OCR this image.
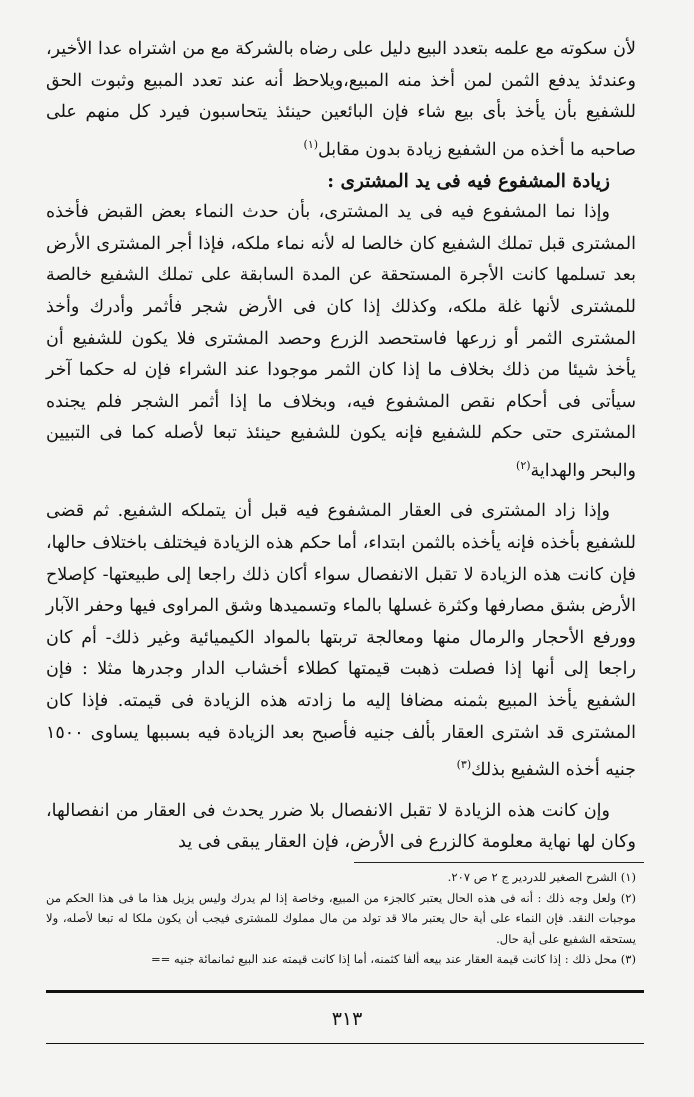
لأن سكوته مع علمه بتعدد البيع دليل على رضاه بالشركة مع من اشتراه عدا الأخير، وعندئذ يدفع الثمن لمن أخذ منه المبيع،ويلاحظ أنه عند تعدد المبيع وثبوت الحق للشفيع بأن يأخذ بأى بيع شاء فإن البائعين حينئذ يتحاسبون فيرد كل منهم على صاحبه ما أخذه من الشفيع زيادة بدون مقابل$^{(١)}$

زيادة المشفوع فيه فى يد المشترى :

وإذا نما المشفوع فيه فى يد المشترى، بأن حدث النماء بعض القبض فأخذه المشترى قبل تملك الشفيع كان خالصا له لأنه نماء ملكه، فإذا أجر المشترى الأرض بعد تسلمها كانت الأجرة المستحقة عن المدة السابقة على تملك الشفيع خالصة للمشترى لأنها غلة ملكه، وكذلك إذا كان فى الأرض شجر فأثمر وأدرك وأخذ المشترى الثمر أو زرعها فاستحصد الزرع وحصد المشترى فلا يكون للشفيع أن يأخذ شيئا من ذلك بخلاف ما إذا كان الثمر موجودا عند الشراء فإن له حكما آخر سيأتى فى أحكام نقص المشفوع فيه، وبخلاف ما إذا أثمر الشجر فلم يجنده المشترى حتى حكم للشفيع فإنه يكون للشفيع حينئذ تبعا لأصله كما فى التبيين والبحر والهداية$^{(٢)}$

وإذا زاد المشترى فى العقار المشفوع فيه قبل أن يتملكه الشفيع. ثم قضى للشفيع بأخذه فإنه يأخذه بالثمن ابتداء، أما حكم هذه الزيادة فيختلف باختلاف حالها، فإن كانت هذه الزيادة لا تقبل الانفصال سواء أكان ذلك راجعا إلى طبيعتها- كإصلاح الأرض بشق مصارفها وكثرة غسلها بالماء وتسميدها وشق المراوى فيها وحفر الآبار وورفع الأحجار والرمال منها ومعالجة تربتها بالمواد الكيميائية وغير ذلك- أم كان راجعا إلى أنها إذا فصلت ذهبت قيمتها كطلاء أخشاب الدار وجدرها مثلا : فإن الشفيع يأخذ المبيع بثمنه مضافا إليه ما زادته هذه الزيادة فى قيمته. فإذا كان المشترى قد اشترى العقار بألف جنيه فأصبح بعد الزيادة فيه بسببها يساوى ١٥٠٠ جنيه أخذه الشفيع بذلك$^{(٣)}$

وإن كانت هذه الزيادة لا تقبل الانفصال بلا ضرر يحدث فى العقار من انفصالها، وكان لها نهاية معلومة كالزرع فى الأرض، فإن العقار يبقى فى يد

(١) الشرح الصغير للدردير ج ٢ ص ٢٠٧.

(٢) ولعل وجه ذلك : أنه فى هذه الحال يعتبر كالجزء من المبيع، وخاصة إذا لم يدرك وليس يزيل هذا ما فى هذا الحكم من موجبات النقد. فإن النماء على أية حال يعتبر مالا قد تولد من مال مملوك للمشترى فيجب أن يكون ملكا له تبعا لأصله، ولا يستحقه الشفيع على أية حال.

(٣) محل ذلك : إذا كانت قيمة العقار عند بيعه ألفا كثمنه، أما إذا كانت قيمته عند البيع ثمانمائة جنيه ==

٣١٣
